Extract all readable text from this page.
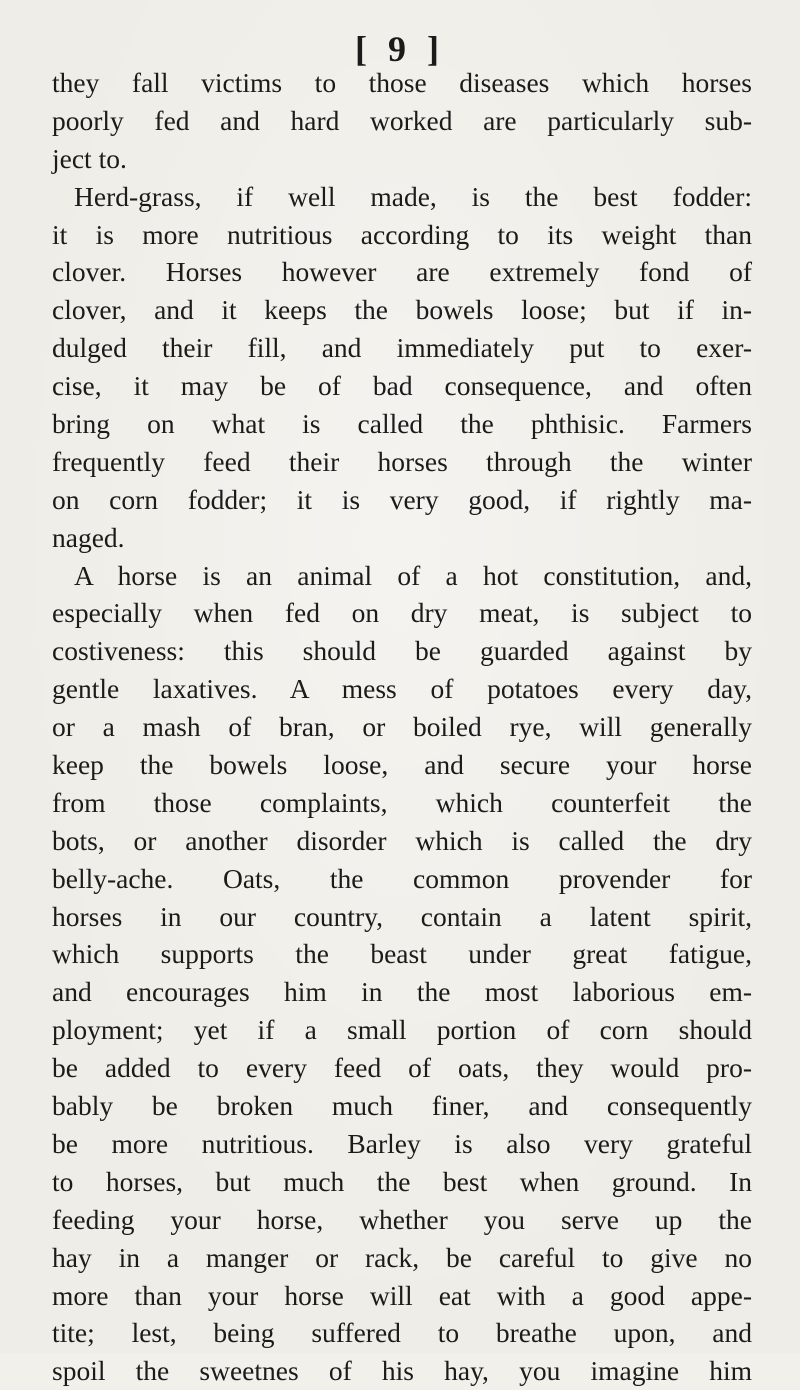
[ 9 ]
they fall victims to those diseases which horses
poorly fed and hard worked are particularly sub-
ject to.
Herd-grass, if well made, is the best fodder:
it is more nutritious according to its weight than
clover. Horses however are extremely fond of
clover, and it keeps the bowels loose; but if in-
dulged their fill, and immediately put to exer-
cise, it may be of bad consequence, and often
bring on what is called the phthisic. Farmers
frequently feed their horses through the winter
on corn fodder; it is very good, if rightly ma-
naged.
A horse is an animal of a hot constitution, and,
especially when fed on dry meat, is subject to
costiveness: this should be guarded against by
gentle laxatives. A mess of potatoes every day,
or a mash of bran, or boiled rye, will generally
keep the bowels loose, and secure your horse
from those complaints, which counterfeit the
bots, or another disorder which is called the dry
belly-ache. Oats, the common provender for
horses in our country, contain a latent spirit,
which supports the beast under great fatigue,
and encourages him in the most laborious em-
ployment; yet if a small portion of corn should
be added to every feed of oats, they would pro-
bably be broken much finer, and consequently
be more nutritious. Barley is also very grateful
to horses, but much the best when ground. In
feeding your horse, whether you serve up the
hay in a manger or rack, be careful to give no
more than your horse will eat with a good appe-
tite; lest, being suffered to breathe upon, and
spoil the sweetnes of his hay, you imagine him
